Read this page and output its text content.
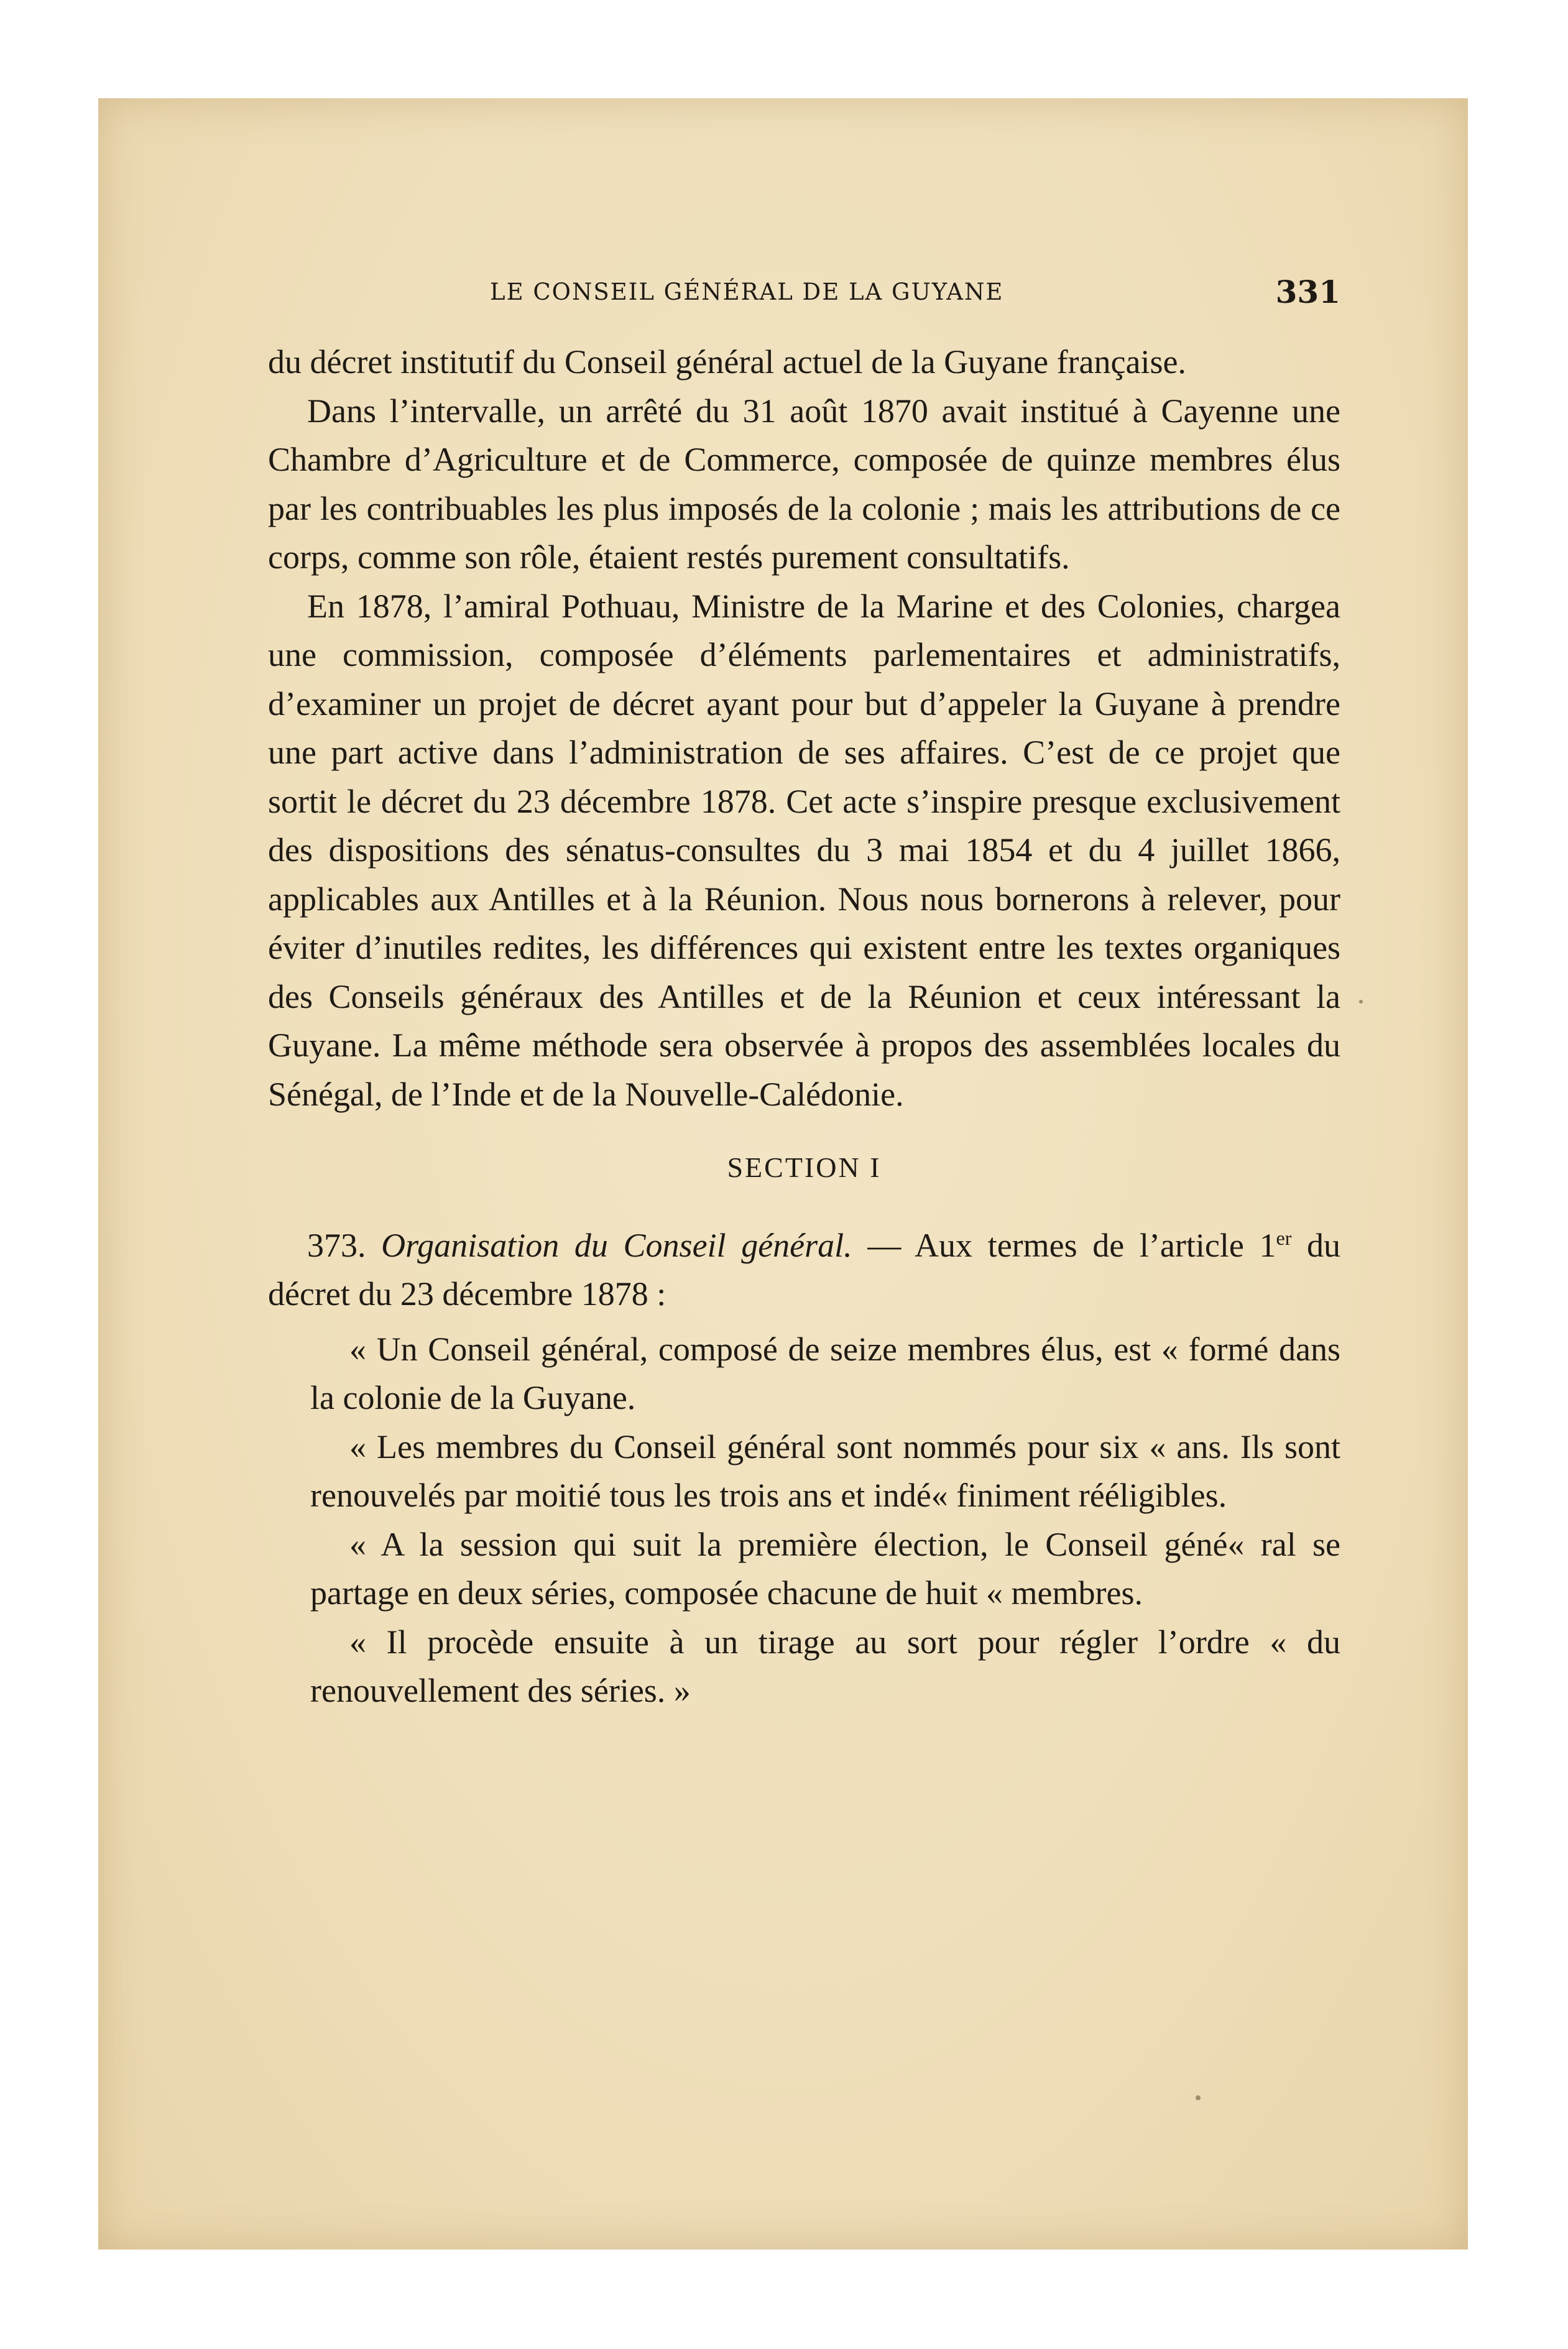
LE CONSEIL GÉNÉRAL DE LA GUYANE	331

du décret institutif du Conseil général actuel de la Guyane française.

Dans l’intervalle, un arrêté du 31 août 1870 avait institué à Cayenne une Chambre d’Agriculture et de Commerce, composée de quinze membres élus par les contribuables les plus imposés de la colonie ; mais les attributions de ce corps, comme son rôle, étaient restés purement consultatifs.

En 1878, l’amiral Pothuau, Ministre de la Marine et des Colonies, chargea une commission, composée d’éléments parlementaires et administratifs, d’examiner un projet de décret ayant pour but d’appeler la Guyane à prendre une part active dans l’administration de ses affaires. C’est de ce projet que sortit le décret du 23 décembre 1878. Cet acte s’inspire presque exclusivement des dispositions des sénatus-consultes du 3 mai 1854 et du 4 juillet 1866, applicables aux Antilles et à la Réunion. Nous nous bornerons à relever, pour éviter d’inutiles redites, les différences qui existent entre les textes organiques des Conseils généraux des Antilles et de la Réunion et ceux intéressant la Guyane. La même méthode sera observée à propos des assemblées locales du Sénégal, de l’Inde et de la Nouvelle-Calédonie.

SECTION I

373. Organisation du Conseil général. — Aux termes de l’article 1er du décret du 23 décembre 1878 :

« Un Conseil général, composé de seize membres élus, est « formé dans la colonie de la Guyane.

« Les membres du Conseil général sont nommés pour six « ans. Ils sont renouvelés par moitié tous les trois ans et indé« finiment rééligibles.

« A la session qui suit la première élection, le Conseil géné« ral se partage en deux séries, composée chacune de huit « membres.

« Il procède ensuite à un tirage au sort pour régler l’ordre « du renouvellement des séries. »
